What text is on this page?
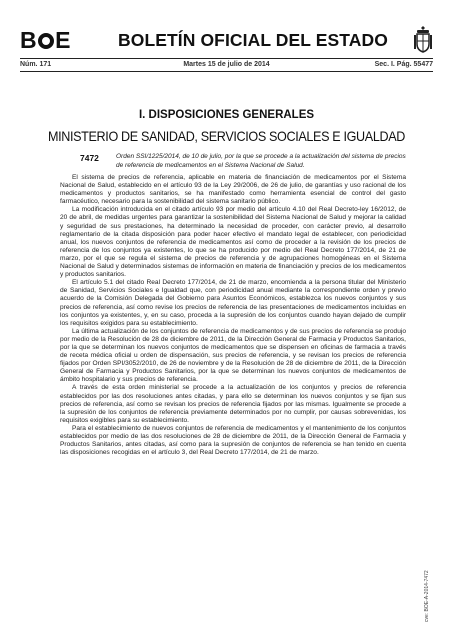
B E	BOLETÍN OFICIAL DEL ESTADO
Núm. 171	Martes 15 de julio de 2014	Sec. I. Pág. 55477
I. DISPOSICIONES GENERALES
MINISTERIO DE SANIDAD, SERVICIOS SOCIALES E IGUALDAD
7472	Orden SSI/1225/2014, de 10 de julio, por la que se procede a la actualización del sistema de precios de referencia de medicamentos en el Sistema Nacional de Salud.

El sistema de precios de referencia, aplicable en materia de financiación de medicamentos por el Sistema Nacional de Salud, establecido en el artículo 93 de la Ley 29/2006, de 26 de julio, de garantías y uso racional de los medicamentos y productos sanitarios, se ha manifestado como herramienta esencial de control del gasto farmacéutico, necesario para la sostenibilidad del sistema sanitario público.

La modificación introducida en el citado artículo 93 por medio del artículo 4.10 del Real Decreto-ley 16/2012, de 20 de abril, de medidas urgentes para garantizar la sostenibilidad del Sistema Nacional de Salud y mejorar la calidad y seguridad de sus prestaciones, ha determinado la necesidad de proceder, con carácter previo, al desarrollo reglamentario de la citada disposición para poder hacer efectivo el mandato legal de establecer, con periodicidad anual, los nuevos conjuntos de referencia de medicamentos así como de proceder a la revisión de los precios de referencia de los conjuntos ya existentes, lo que se ha producido por medio del Real Decreto 177/2014, de 21 de marzo, por el que se regula el sistema de precios de referencia y de agrupaciones homogéneas en el Sistema Nacional de Salud y determinados sistemas de información en materia de financiación y precios de los medicamentos y productos sanitarios.

El artículo 5.1 del citado Real Decreto 177/2014, de 21 de marzo, encomienda a la persona titular del Ministerio de Sanidad, Servicios Sociales e Igualdad que, con periodicidad anual mediante la correspondiente orden y previo acuerdo de la Comisión Delegada del Gobierno para Asuntos Económicos, establezca los nuevos conjuntos y sus precios de referencia, así como revise los precios de referencia de las presentaciones de medicamentos incluidas en los conjuntos ya existentes, y, en su caso, proceda a la supresión de los conjuntos cuando hayan dejado de cumplir los requisitos exigidos para su establecimiento.

La última actualización de los conjuntos de referencia de medicamentos y de sus precios de referencia se produjo por medio de la Resolución de 28 de diciembre de 2011, de la Dirección General de Farmacia y Productos Sanitarios, por la que se determinan los nuevos conjuntos de medicamentos que se dispensen en oficinas de farmacia a través de receta médica oficial u orden de dispensación, sus precios de referencia, y se revisan los precios de referencia fijados por Orden SPI/3052/2010, de 26 de noviembre y de la Resolución de 28 de diciembre de 2011, de la Dirección General de Farmacia y Productos Sanitarios, por la que se determinan los nuevos conjuntos de medicamentos de ámbito hospitalario y sus precios de referencia.

A través de esta orden ministerial se procede a la actualización de los conjuntos y precios de referencia establecidos por las dos resoluciones antes citadas, y para ello se determinan los nuevos conjuntos y se fijan sus precios de referencia, así como se revisan los precios de referencia fijados por las mismas. Igualmente se procede a la supresión de los conjuntos de referencia previamente determinados por no cumplir, por causas sobrevenidas, los requisitos exigibles para su establecimiento.

Para el establecimiento de nuevos conjuntos de referencia de medicamentos y el mantenimiento de los conjuntos establecidos por medio de las dos resoluciones de 28 de diciembre de 2011, de la Dirección General de Farmacia y Productos Sanitarios, antes citadas, así como para la supresión de conjuntos de referencia se han tenido en cuenta las disposiciones recogidas en el artículo 3, del Real Decreto 177/2014, de 21 de marzo.

cve: BOE-A-2014-7472
